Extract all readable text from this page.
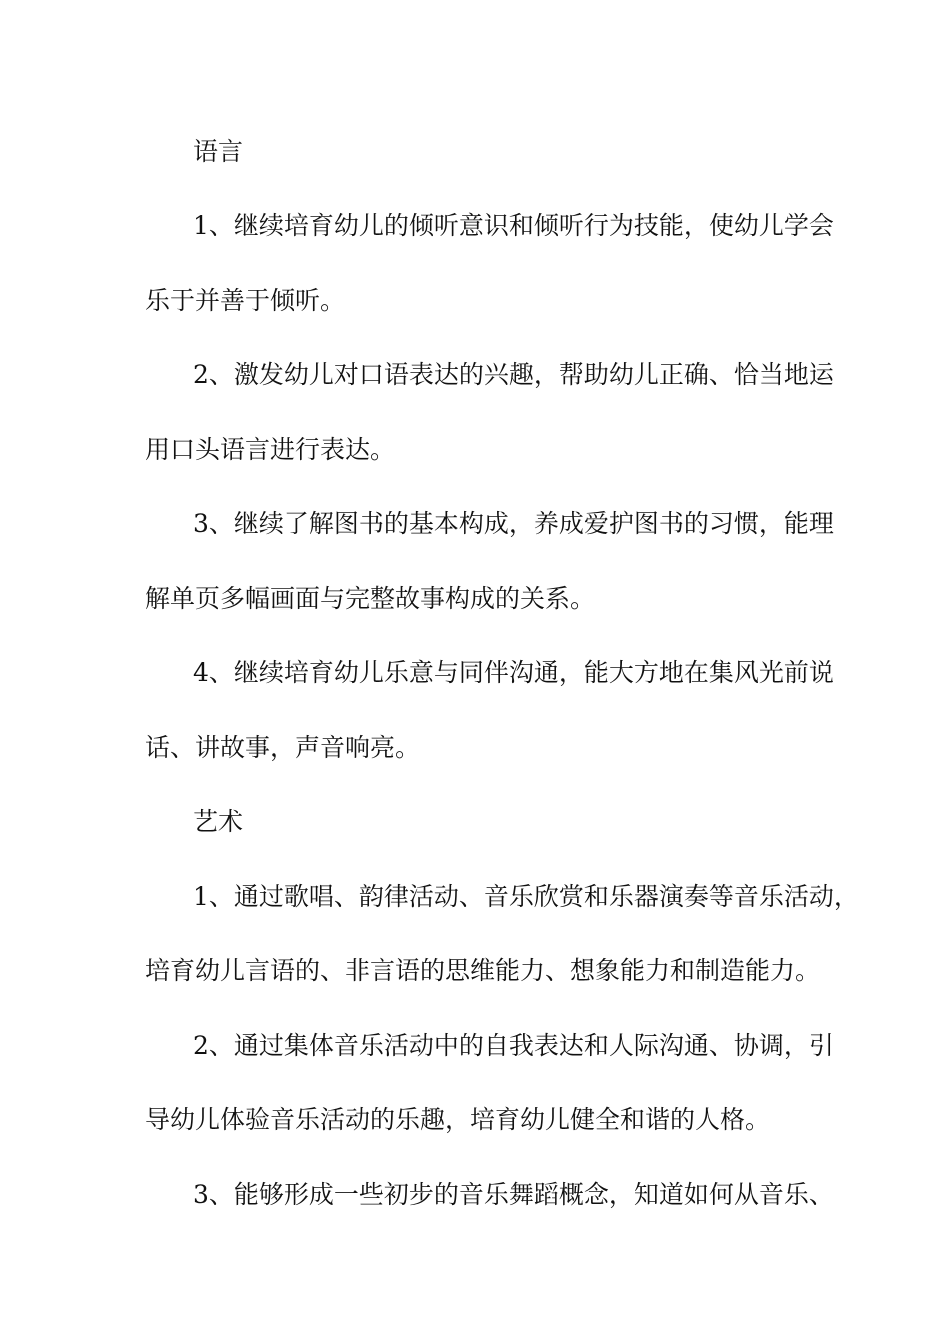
语言
1、继续培育幼儿的倾听意识和倾听行为技能，使幼儿学会
乐于并善于倾听。
2、激发幼儿对口语表达的兴趣，帮助幼儿正确、恰当地运
用口头语言进行表达。
3、继续了解图书的基本构成，养成爱护图书的习惯，能理
解单页多幅画面与完整故事构成的关系。
4、继续培育幼儿乐意与同伴沟通，能大方地在集风光前说
话、讲故事，声音响亮。
艺术
1、通过歌唱、韵律活动、音乐欣赏和乐器演奏等音乐活动，
培育幼儿言语的、非言语的思维能力、想象能力和制造能力。
2、通过集体音乐活动中的自我表达和人际沟通、协调，引
导幼儿体验音乐活动的乐趣，培育幼儿健全和谐的人格。
3、能够形成一些初步的音乐舞蹈概念，知道如何从音乐、
